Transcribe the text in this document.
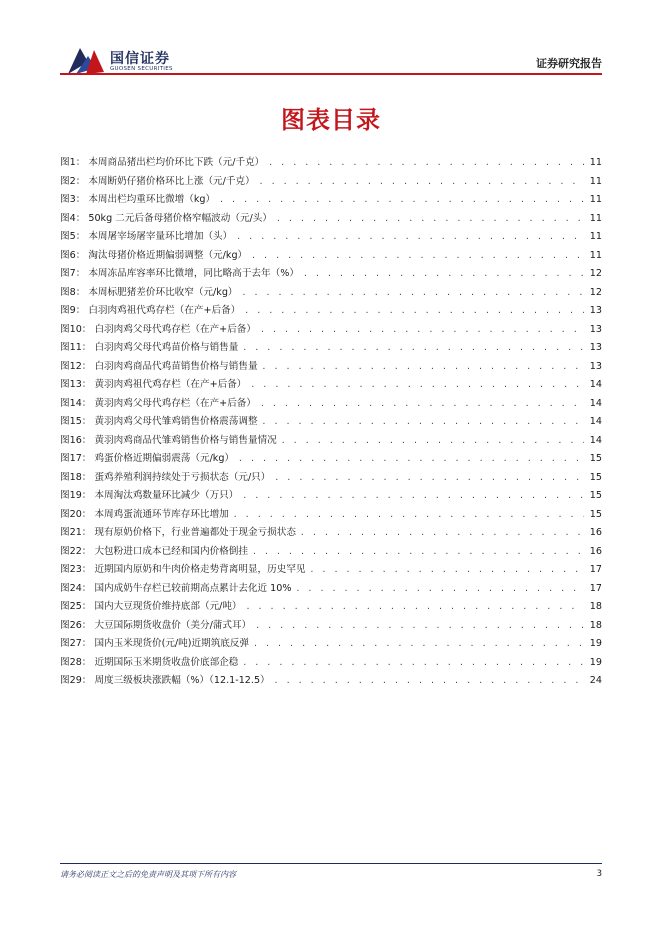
国信证券
GUOSEN SECURITIES	证券研究报告
图表目录
图1： 本周商品猪出栏均价环比下跌（元/千克） . . .	11
图2： 本周断奶仔猪价格环比上涨（元/千克） . . .	11
图3： 本周出栏均重环比微增（kg） . . .	11
图4： 50kg 二元后备母猪价格窄幅波动（元/头） . . .	11
图5： 本周屠宰场屠宰量环比增加（头） . . .	11
图6： 淘汰母猪价格近期偏弱调整（元/kg） . . .	11
图7： 本周冻品库容率环比微增，同比略高于去年（%） . . .	12
图8： 本周标肥猪差价环比收窄（元/kg） . . .	12
图9： 白羽肉鸡祖代鸡存栏（在产+后备） . . .	13
图10： 白羽肉鸡父母代鸡存栏（在产+后备） . . .	13
图11： 白羽肉鸡父母代鸡苗价格与销售量 . . .	13
图12： 白羽肉鸡商品代鸡苗销售价格与销售量 . . .	13
图13： 黄羽肉鸡祖代鸡存栏（在产+后备） . . .	14
图14： 黄羽肉鸡父母代鸡存栏（在产+后备） . . .	14
图15： 黄羽肉鸡父母代雏鸡销售价格震荡调整 . . .	14
图16： 黄羽肉鸡商品代雏鸡销售价格与销售量情况 . . .	14
图17： 鸡蛋价格近期偏弱震荡（元/kg） . . .	15
图18： 蛋鸡养殖利润持续处于亏损状态（元/只） . . .	15
图19： 本周淘汰鸡数量环比减少（万只） . . .	15
图20： 本周鸡蛋流通环节库存环比增加 . . .	15
图21： 现有原奶价格下，行业普遍都处于现金亏损状态 . . .	16
图22： 大包粉进口成本已经和国内价格倒挂 . . .	16
图23： 近期国内原奶和牛肉价格走势背离明显，历史罕见 . . .	17
图24： 国内成奶牛存栏已较前期高点累计去化近 10% . . .	17
图25： 国内大豆现货价维持底部（元/吨） . . .	18
图26： 大豆国际期货收盘价（美分/蒲式耳） . . .	18
图27： 国内玉米现货价(元/吨)近期筑底反弹 . . .	19
图28： 近期国际玉米期货收盘价底部企稳 . . .	19
图29： 周度三级板块涨跌幅（%）（12.1-12.5） . . .	24
请务必阅读正文之后的免责声明及其项下所有内容	3
